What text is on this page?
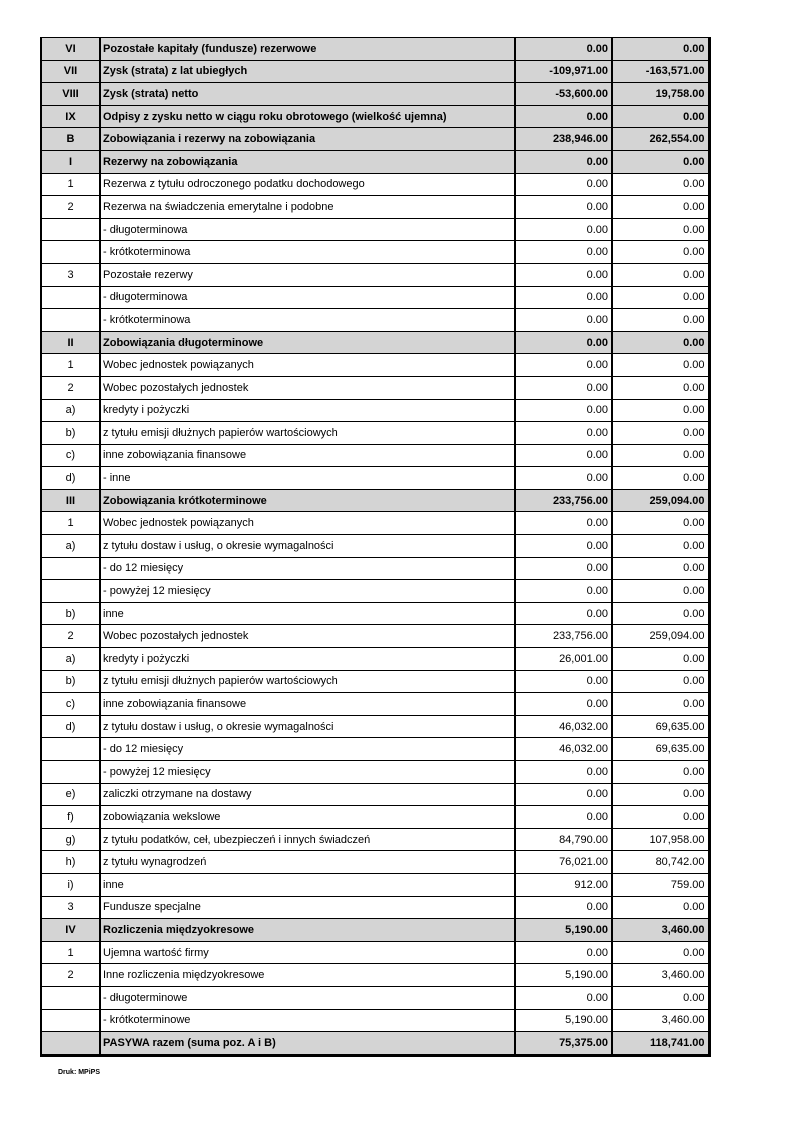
VI	Pozostałe kapitały (fundusze) rezerwowe	0.00	0.00
VII	Zysk (strata) z lat ubiegłych	-109,971.00	-163,571.00
VIII	Zysk (strata) netto	-53,600.00	19,758.00
IX	Odpisy z zysku netto w ciągu roku obrotowego (wielkość ujemna)	0.00	0.00
B	Zobowiązania i rezerwy na zobowiązania	238,946.00	262,554.00
I	Rezerwy na zobowiązania	0.00	0.00
1	Rezerwa z tytułu odroczonego podatku dochodowego	0.00	0.00
2	Rezerwa na świadczenia emerytalne i podobne	0.00	0.00
	- długoterminowa	0.00	0.00
	- krótkoterminowa	0.00	0.00
3	Pozostałe rezerwy	0.00	0.00
	- długoterminowa	0.00	0.00
	- krótkoterminowa	0.00	0.00
II	Zobowiązania długoterminowe	0.00	0.00
1	Wobec jednostek powiązanych	0.00	0.00
2	Wobec pozostałych jednostek	0.00	0.00
a)	kredyty i pożyczki	0.00	0.00
b)	z tytułu emisji dłużnych papierów wartościowych	0.00	0.00
c)	inne zobowiązania finansowe	0.00	0.00
d)	- inne	0.00	0.00
III	Zobowiązania krótkoterminowe	233,756.00	259,094.00
1	Wobec jednostek powiązanych	0.00	0.00
a)	z tytułu dostaw i usług, o okresie wymagalności	0.00	0.00
	- do 12 miesięcy	0.00	0.00
	- powyżej 12 miesięcy	0.00	0.00
b)	inne	0.00	0.00
2	Wobec pozostałych jednostek	233,756.00	259,094.00
a)	kredyty i pożyczki	26,001.00	0.00
b)	z tytułu emisji dłużnych papierów wartościowych	0.00	0.00
c)	inne zobowiązania finansowe	0.00	0.00
d)	z tytułu dostaw i usług, o okresie wymagalności	46,032.00	69,635.00
	- do 12 miesięcy	46,032.00	69,635.00
	- powyżej 12 miesięcy	0.00	0.00
e)	zaliczki otrzymane na dostawy	0.00	0.00
f)	zobowiązania wekslowe	0.00	0.00
g)	z tytułu podatków, ceł, ubezpieczeń i innych świadczeń	84,790.00	107,958.00
h)	z tytułu wynagrodzeń	76,021.00	80,742.00
i)	inne	912.00	759.00
3	Fundusze specjalne	0.00	0.00
IV	Rozliczenia międzyokresowe	5,190.00	3,460.00
1	Ujemna wartość firmy	0.00	0.00
2	Inne rozliczenia międzyokresowe	5,190.00	3,460.00
	- długoterminowe	0.00	0.00
	- krótkoterminowe	5,190.00	3,460.00
	PASYWA razem (suma poz. A i B)	75,375.00	118,741.00
Druk: MPiPS
